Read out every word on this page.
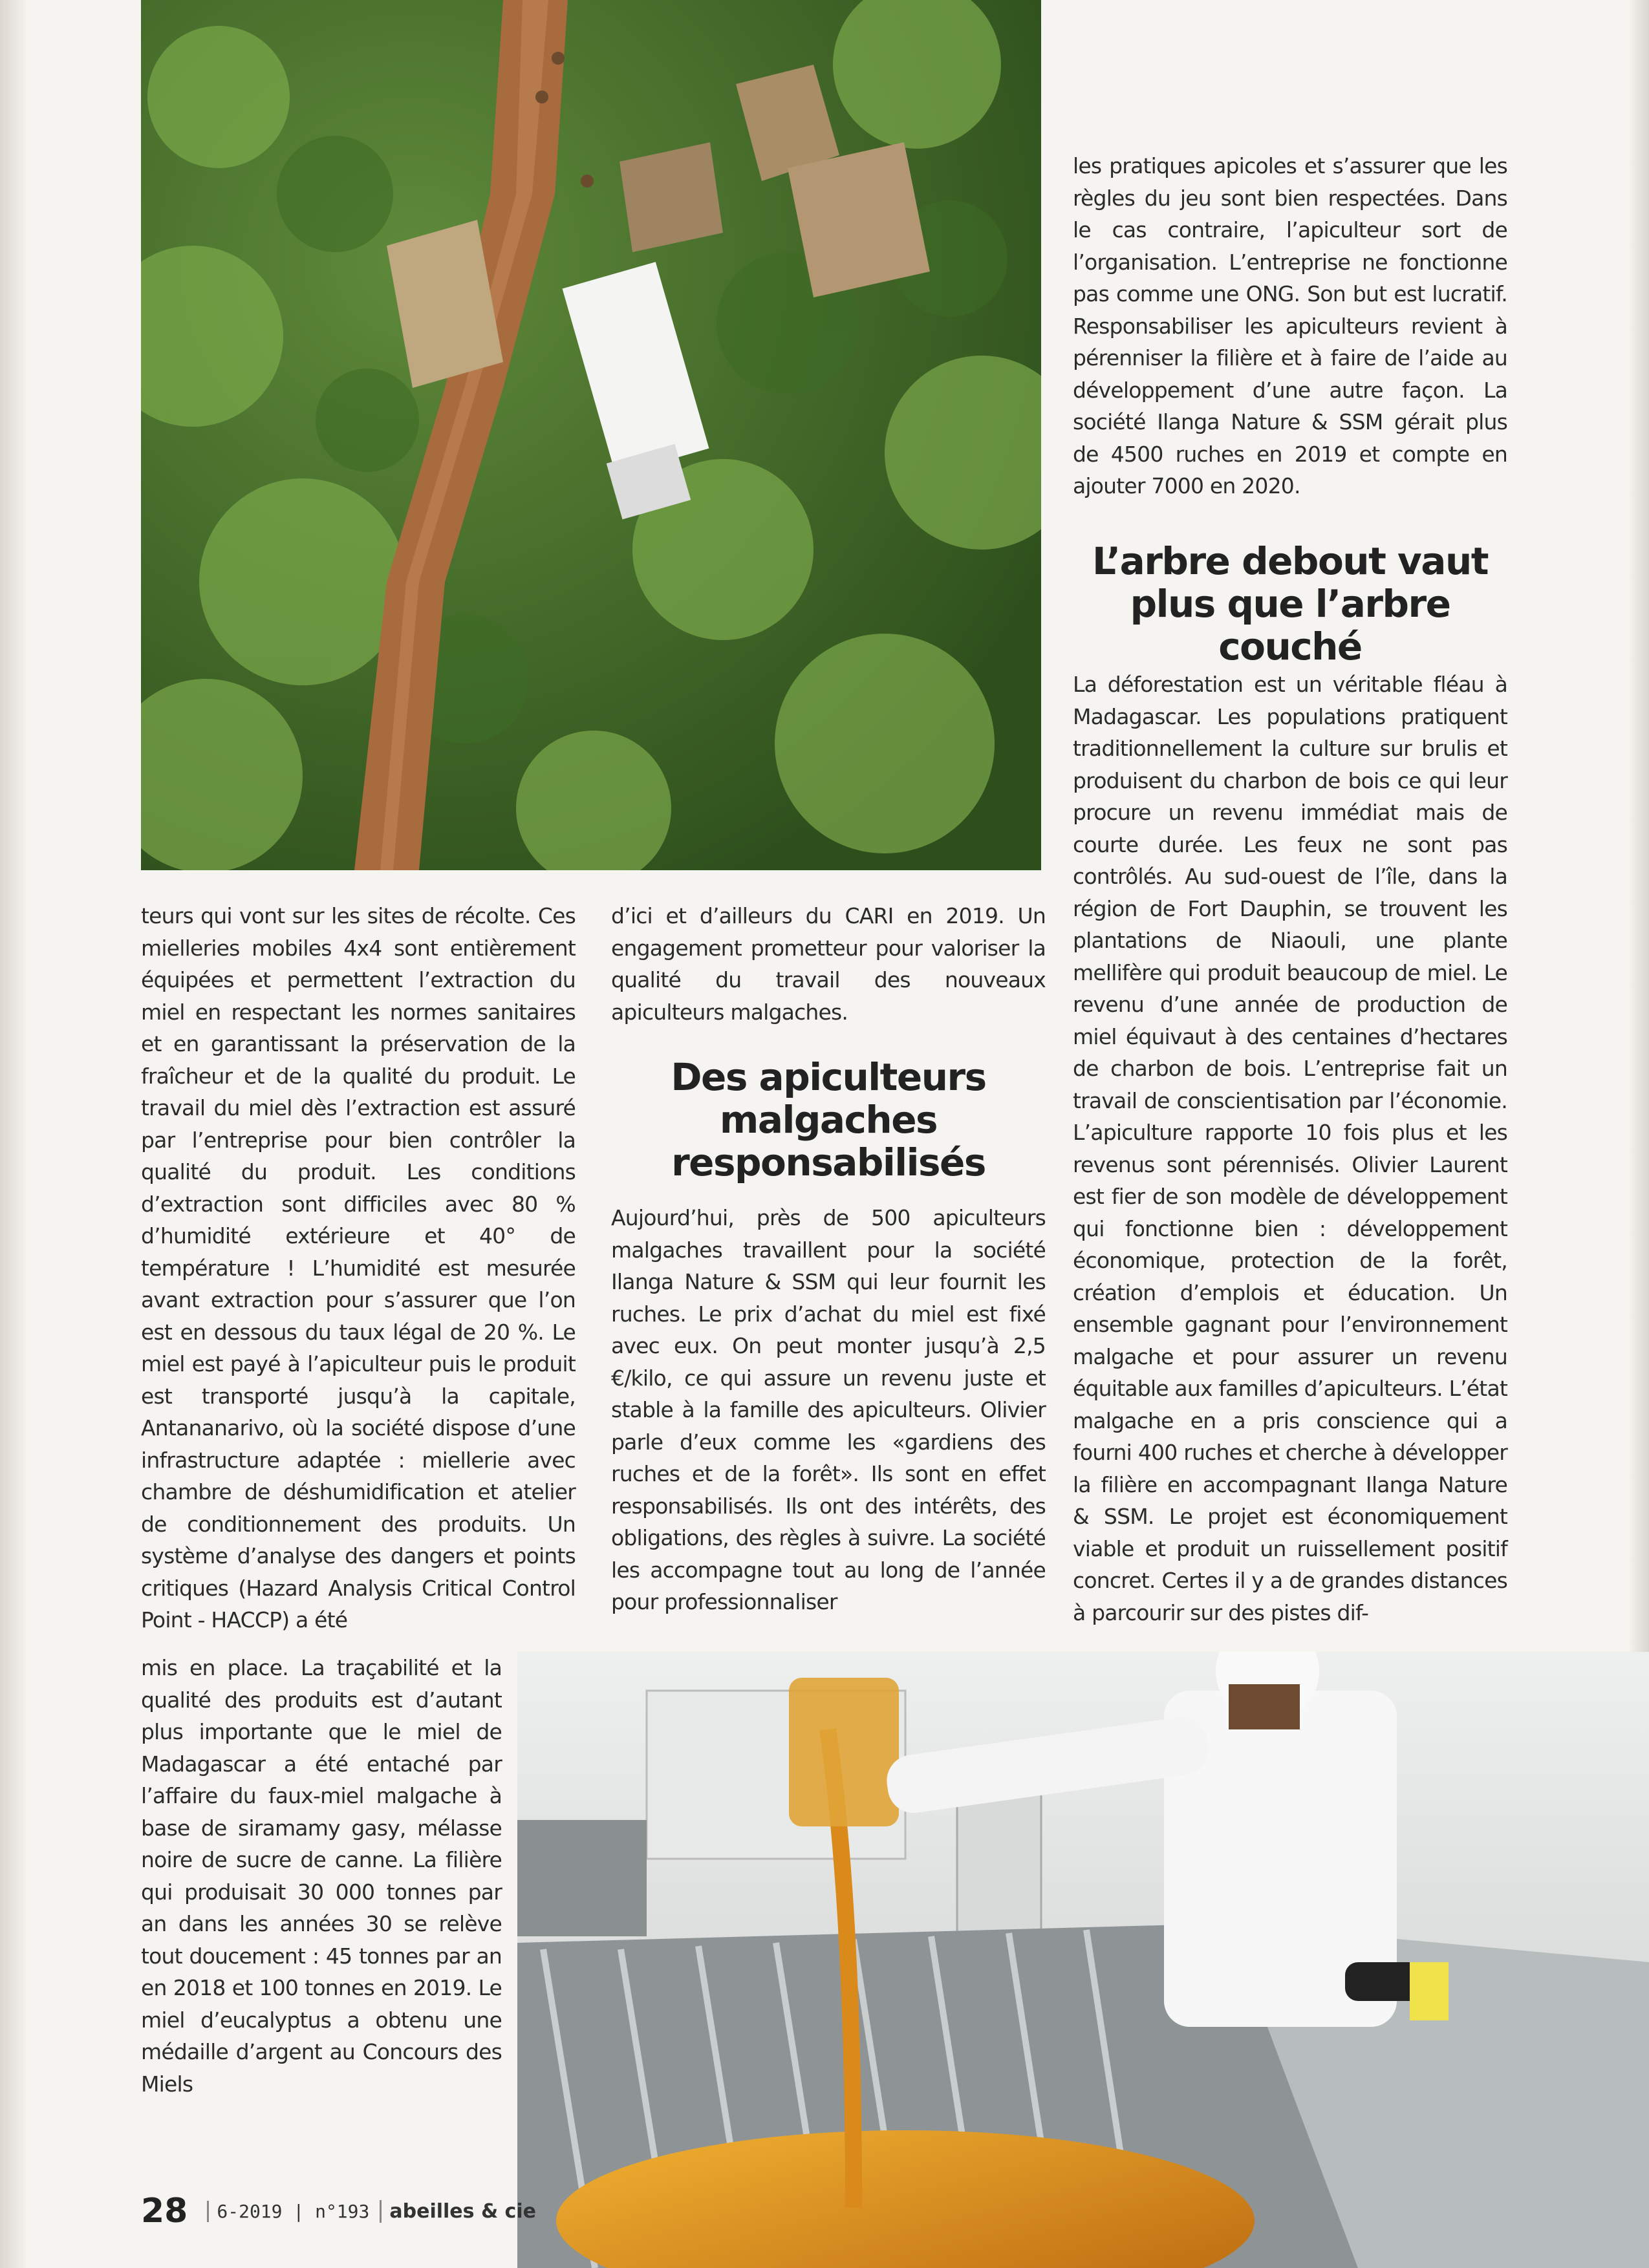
les pratiques apicoles et s’assurer que les règles du jeu sont bien respectées. Dans le cas contraire, l’apiculteur sort de l’organisation. L’entreprise ne fonctionne pas comme une ONG. Son but est lucratif. Responsabiliser les apiculteurs revient à pérenniser la filière et à faire de l’aide au développement d’une autre façon. La société Ilanga Nature & SSM gérait plus de 4500 ruches en 2019 et compte en ajouter 7000 en 2020.

L’arbre debout vaut plus que l’arbre couché

La déforestation est un véritable fléau à Madagascar. Les populations pratiquent traditionnellement la culture sur brulis et produisent du charbon de bois ce qui leur procure un revenu immédiat mais de courte durée. Les feux ne sont pas contrôlés. Au sud-ouest de l’île, dans la région de Fort Dauphin, se trouvent les plantations de Niaouli, une plante mellifère qui produit beaucoup de miel. Le revenu d’une année de production de miel équivaut à des centaines d’hectares de charbon de bois. L’entreprise fait un travail de conscientisation par l’économie. L’apiculture rapporte 10 fois plus et les revenus sont pérennisés. Olivier Laurent est fier de son modèle de développement qui fonctionne bien : développement économique, protection de la forêt, création d’emplois et éducation. Un ensemble gagnant pour l’environnement malgache et pour assurer un revenu équitable aux familles d’apiculteurs. L’état malgache en a pris conscience qui a fourni 400 ruches et cherche à développer la filière en accompagnant Ilanga Nature & SSM. Le projet est économiquement viable et produit un ruissellement positif concret. Certes il y a de grandes distances à parcourir sur des pistes dif-

teurs qui vont sur les sites de récolte. Ces mielleries mobiles 4x4 sont entièrement équipées et permettent l’extraction du miel en respectant les normes sanitaires et en garantissant la préservation de la fraîcheur et de la qualité du produit. Le travail du miel dès l’extraction est assuré par l’entreprise pour bien contrôler la qualité du produit. Les conditions d’extraction sont difficiles avec 80 % d’humidité extérieure et 40° de température ! L’humidité est mesurée avant extraction pour s’assurer que l’on est en dessous du taux légal de 20 %. Le miel est payé à l’apiculteur puis le produit est transporté jusqu’à la capitale, Antananarivo, où la société dispose d’une infrastructure adaptée : miellerie avec chambre de déshumidification et atelier de conditionnement des produits. Un système d’analyse des dangers et points critiques (Hazard Analysis Critical Control Point - HACCP) a été

mis en place. La traçabilité et la qualité des produits est d’autant plus importante que le miel de Madagascar a été entaché par l’affaire du faux-miel malgache à base de siramamy gasy, mélasse noire de sucre de canne. La filière qui produisait 30 000 tonnes par an dans les années 30 se relève tout doucement : 45 tonnes par an en 2018 et 100 tonnes en 2019. Le miel d’eucalyptus a obtenu une médaille d’argent au Concours des Miels

d’ici et d’ailleurs du CARI en 2019. Un engagement prometteur pour valoriser la qualité du travail des nouveaux apiculteurs malgaches.

Des apiculteurs malgaches responsabilisés

Aujourd’hui, près de 500 apiculteurs malgaches travaillent pour la société Ilanga Nature & SSM qui leur fournit les ruches. Le prix d’achat du miel est fixé avec eux. On peut monter jusqu’à 2,5 €/kilo, ce qui assure un revenu juste et stable à la famille des apiculteurs. Olivier parle d’eux comme les «gardiens des ruches et de la forêt». Ils sont en effet responsabilisés. Ils ont des intérêts, des obligations, des règles à suivre. La société les accompagne tout au long de l’année pour professionnaliser

28	6-2019 | n°193	abeilles & cie
